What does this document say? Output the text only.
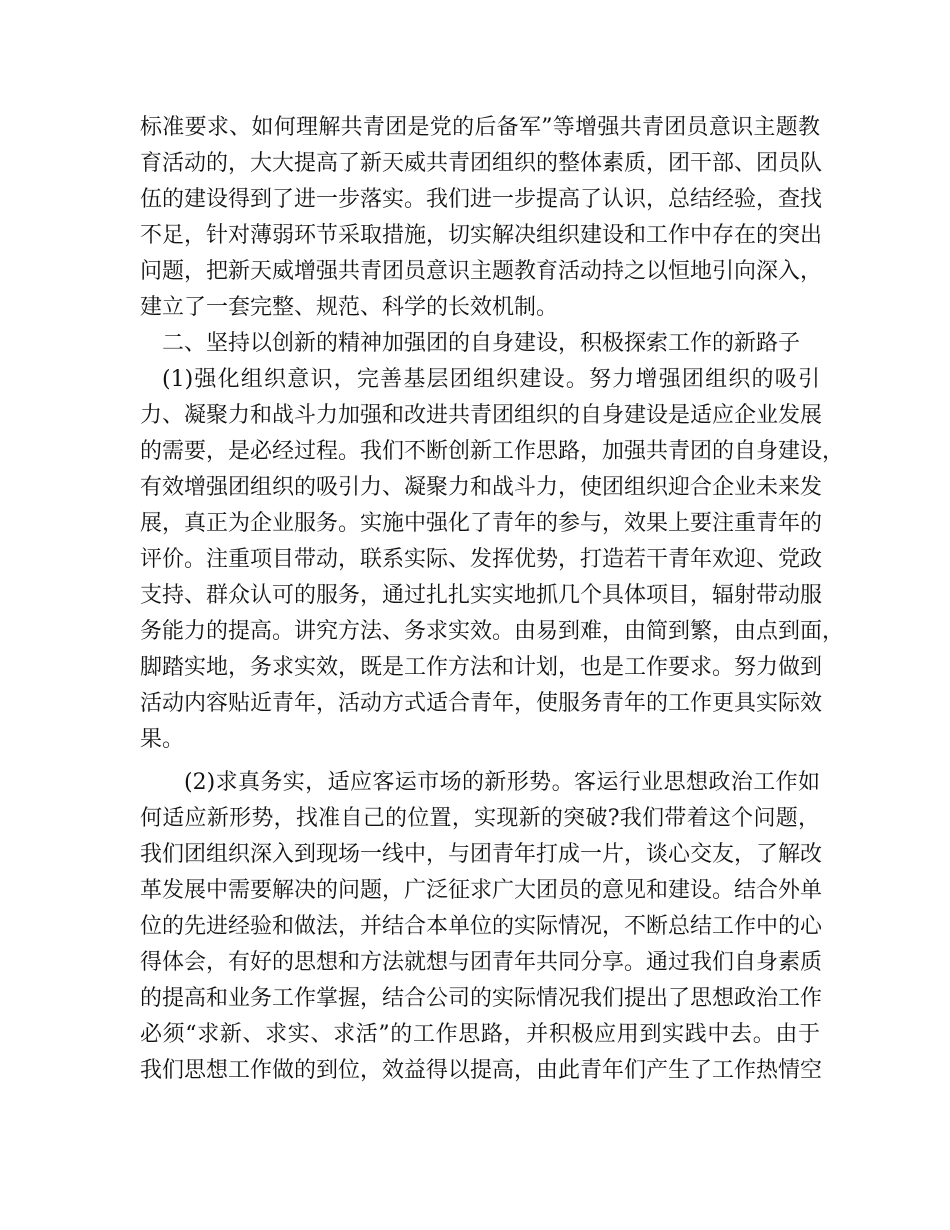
标准要求、如何理解共青团是党的后备军”等增强共青团员意识主题教
育活动的，大大提高了新天威共青团组织的整体素质，团干部、团员队
伍的建设得到了进一步落实。我们进一步提高了认识，总结经验，查找
不足，针对薄弱环节采取措施，切实解决组织建设和工作中存在的突出
问题，把新天威增强共青团员意识主题教育活动持之以恒地引向深入，
建立了一套完整、规范、科学的长效机制。
二、坚持以创新的精神加强团的自身建设，积极探索工作的新路子
(1)强化组织意识，完善基层团组织建设。努力增强团组织的吸引
力、凝聚力和战斗力加强和改进共青团组织的自身建设是适应企业发展
的需要，是必经过程。我们不断创新工作思路，加强共青团的自身建设，
有效增强团组织的吸引力、凝聚力和战斗力，使团组织迎合企业未来发
展，真正为企业服务。实施中强化了青年的参与，效果上要注重青年的
评价。注重项目带动，联系实际、发挥优势，打造若干青年欢迎、党政
支持、群众认可的服务，通过扎扎实实地抓几个具体项目，辐射带动服
务能力的提高。讲究方法、务求实效。由易到难，由简到繁，由点到面，
脚踏实地，务求实效，既是工作方法和计划，也是工作要求。努力做到
活动内容贴近青年，活动方式适合青年，使服务青年的工作更具实际效
果。
(2)求真务实，适应客运市场的新形势。客运行业思想政治工作如
何适应新形势，找准自己的位置，实现新的突破?我们带着这个问题，
我们团组织深入到现场一线中，与团青年打成一片，谈心交友，了解改
革发展中需要解决的问题，广泛征求广大团员的意见和建设。结合外单
位的先进经验和做法，并结合本单位的实际情况，不断总结工作中的心
得体会，有好的思想和方法就想与团青年共同分享。通过我们自身素质
的提高和业务工作掌握，结合公司的实际情况我们提出了思想政治工作
必须“求新、求实、求活”的工作思路，并积极应用到实践中去。由于
我们思想工作做的到位，效益得以提高，由此青年们产生了工作热情空
